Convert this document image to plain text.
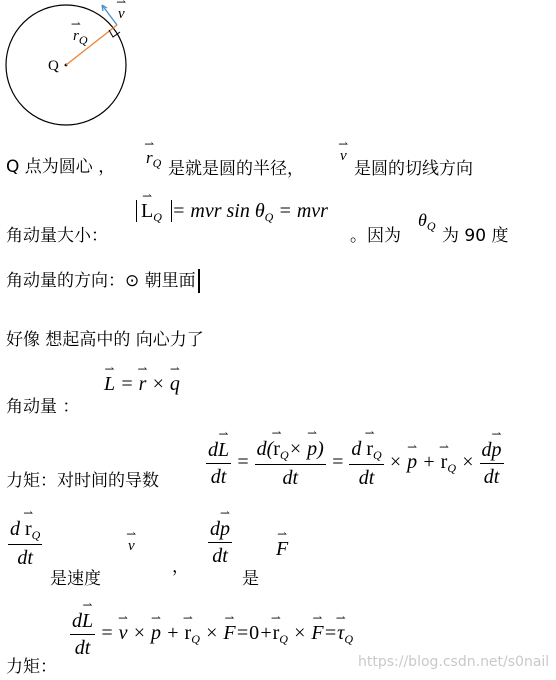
Q
⇀ $r_Q$
⇀ v
Q 点为圆心 ， ⇀ $r_Q$ 是就是圆的半径，
⇀ v
是圆的切线方向
角动量大小：
⇀ $L_Q$ = mvr $\sin \theta_Q$ = mvr
。因为
$\theta_Q$ 为 90 度
角动量的方向：⊙ 朝里面
好像 想起高中的 向心力了
角动量 ：
⇀ L = ⇀ r × ⇀ q
力矩：对时间的导数 $\frac{d⇀ L}{dt} = \frac{d(⇀ r_Q\times ⇀ p)}{dt} = \frac{d ⇀ r_Q}{dt}$ × ⇀ p + ⇀ $r_Q \times \frac{d⇀ p}{dt}$
$\frac{d ⇀ r_Q}{dt}$
是速度
⇀ v
， $\frac{d⇀ p}{dt}$
是
⇀ F
力矩：
$\frac{d⇀ L}{dt}$ = ⇀ v × ⇀ p + ⇀ $r_Q$ × ⇀ F=0+⇀ $r_Q$ × ⇀ F=⇀ $\tau_Q$
https://blog.csdn.net/s0nail
